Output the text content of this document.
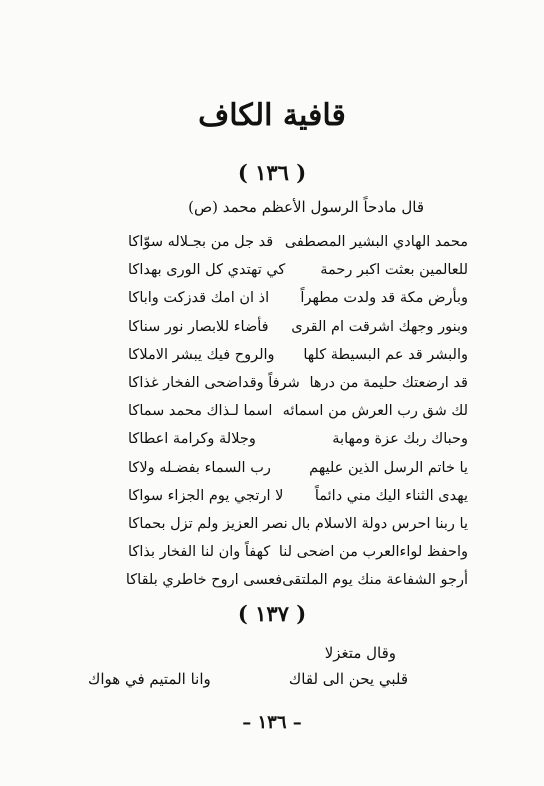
قافية الكاف
( ١٣٦ )
قال مادحاً الرسول الأعظم محمد (ص)
محمد الهادي البشير المصطفى
قد جل من بجـلاله سوّاكا
للعالمين بعثت اكبر رحمة
كي تهتدي كل الورى بهداكا
وبأرض مكة قد ولدت مطهراً
اذ ان امك قدزكت واباكا
وبنور وجهك اشرقت ام القرى
فأضاء للابصار نور سناكا
والبشر قد عم البسيطة كلها
والروح فيك يبشر الاملاكا
قد ارضعتك حليمة من درها
شرفاً وقداضحى الفخار غذاكا
لك شق رب العرش من اسمائه
اسما لـذاك محمد سماكا
وحباك ربك عزة ومهابة
وجلالة وكرامة اعطاكا
يا خاتم الرسل الذين عليهم
رب السماء بفضـله ولاكا
يهدى الثناء اليك مني دائماً
لا ارتجي يوم الجزاء سواكا
يا ربنا احرس دولة الاسلام بال
نصر العزيز ولم تزل بحماكا
واحفظ لواءالعرب من اضحى لنا
كهفاً وان لنا الفخار بذاكا
أرجو الشفاعة منك يوم الملتقى
فعسى اروح خاطري بلقاكا
( ١٣٧ )
وقال متغزلا
قلبي يحن الى لقاك
وانا المتيم في هواك
– ١٣٦ –
